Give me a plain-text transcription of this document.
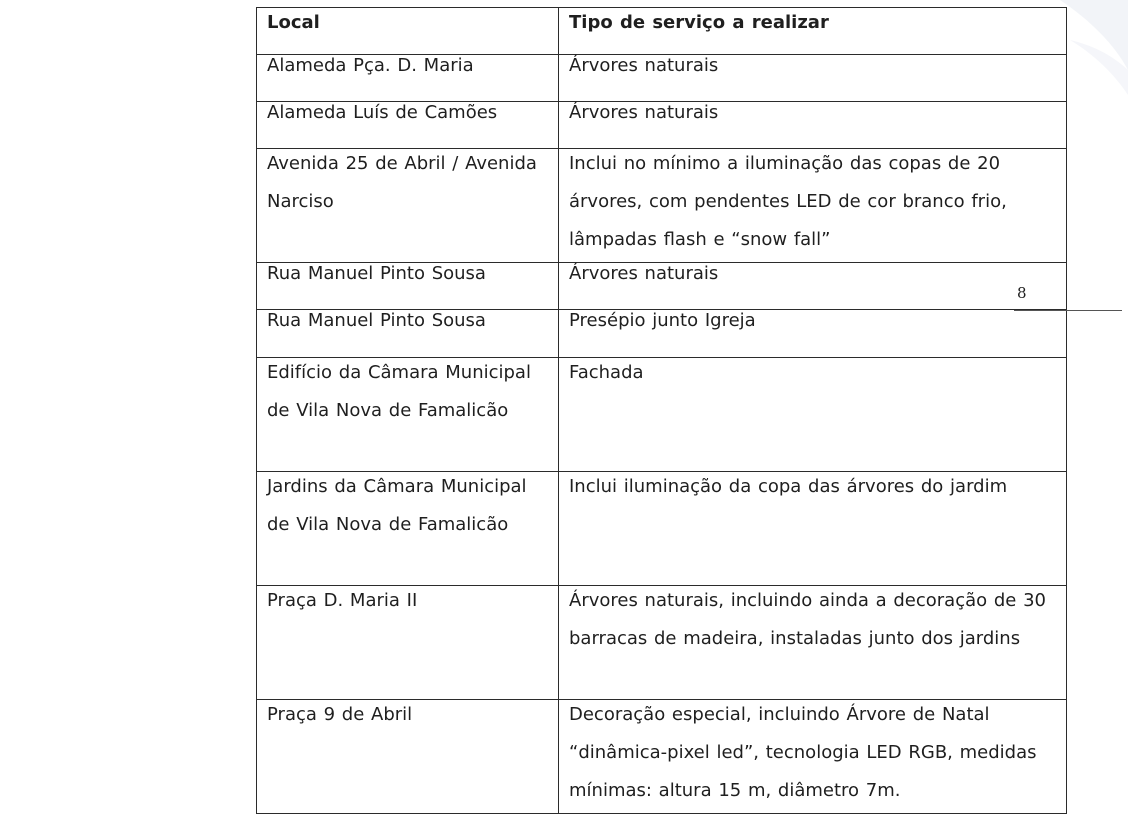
Local	Tipo de serviço a realizar

Alameda Pça. D. Maria	Árvores naturais

Alameda Luís de Camões	Árvores naturais

Avenida 25 de Abril / Avenida Narciso	Inclui no mínimo a iluminação das copas de 20 árvores, com pendentes LED de cor branco frio, lâmpadas flash e “snow fall”

Rua Manuel Pinto Sousa	Árvores naturais

Rua Manuel Pinto Sousa	Presépio junto Igreja

Edifício da Câmara Municipal de Vila Nova de Famalicão	Fachada

Jardins da Câmara Municipal de Vila Nova de Famalicão	Inclui iluminação da copa das árvores do jardim

Praça D. Maria II	Árvores naturais, incluindo ainda a decoração de 30 barracas de madeira, instaladas junto dos jardins

Praça 9 de Abril	Decoração especial, incluindo Árvore de Natal “dinâmica-pixel led”, tecnologia LED RGB, medidas mínimas: altura 15 m, diâmetro 7m.
8
